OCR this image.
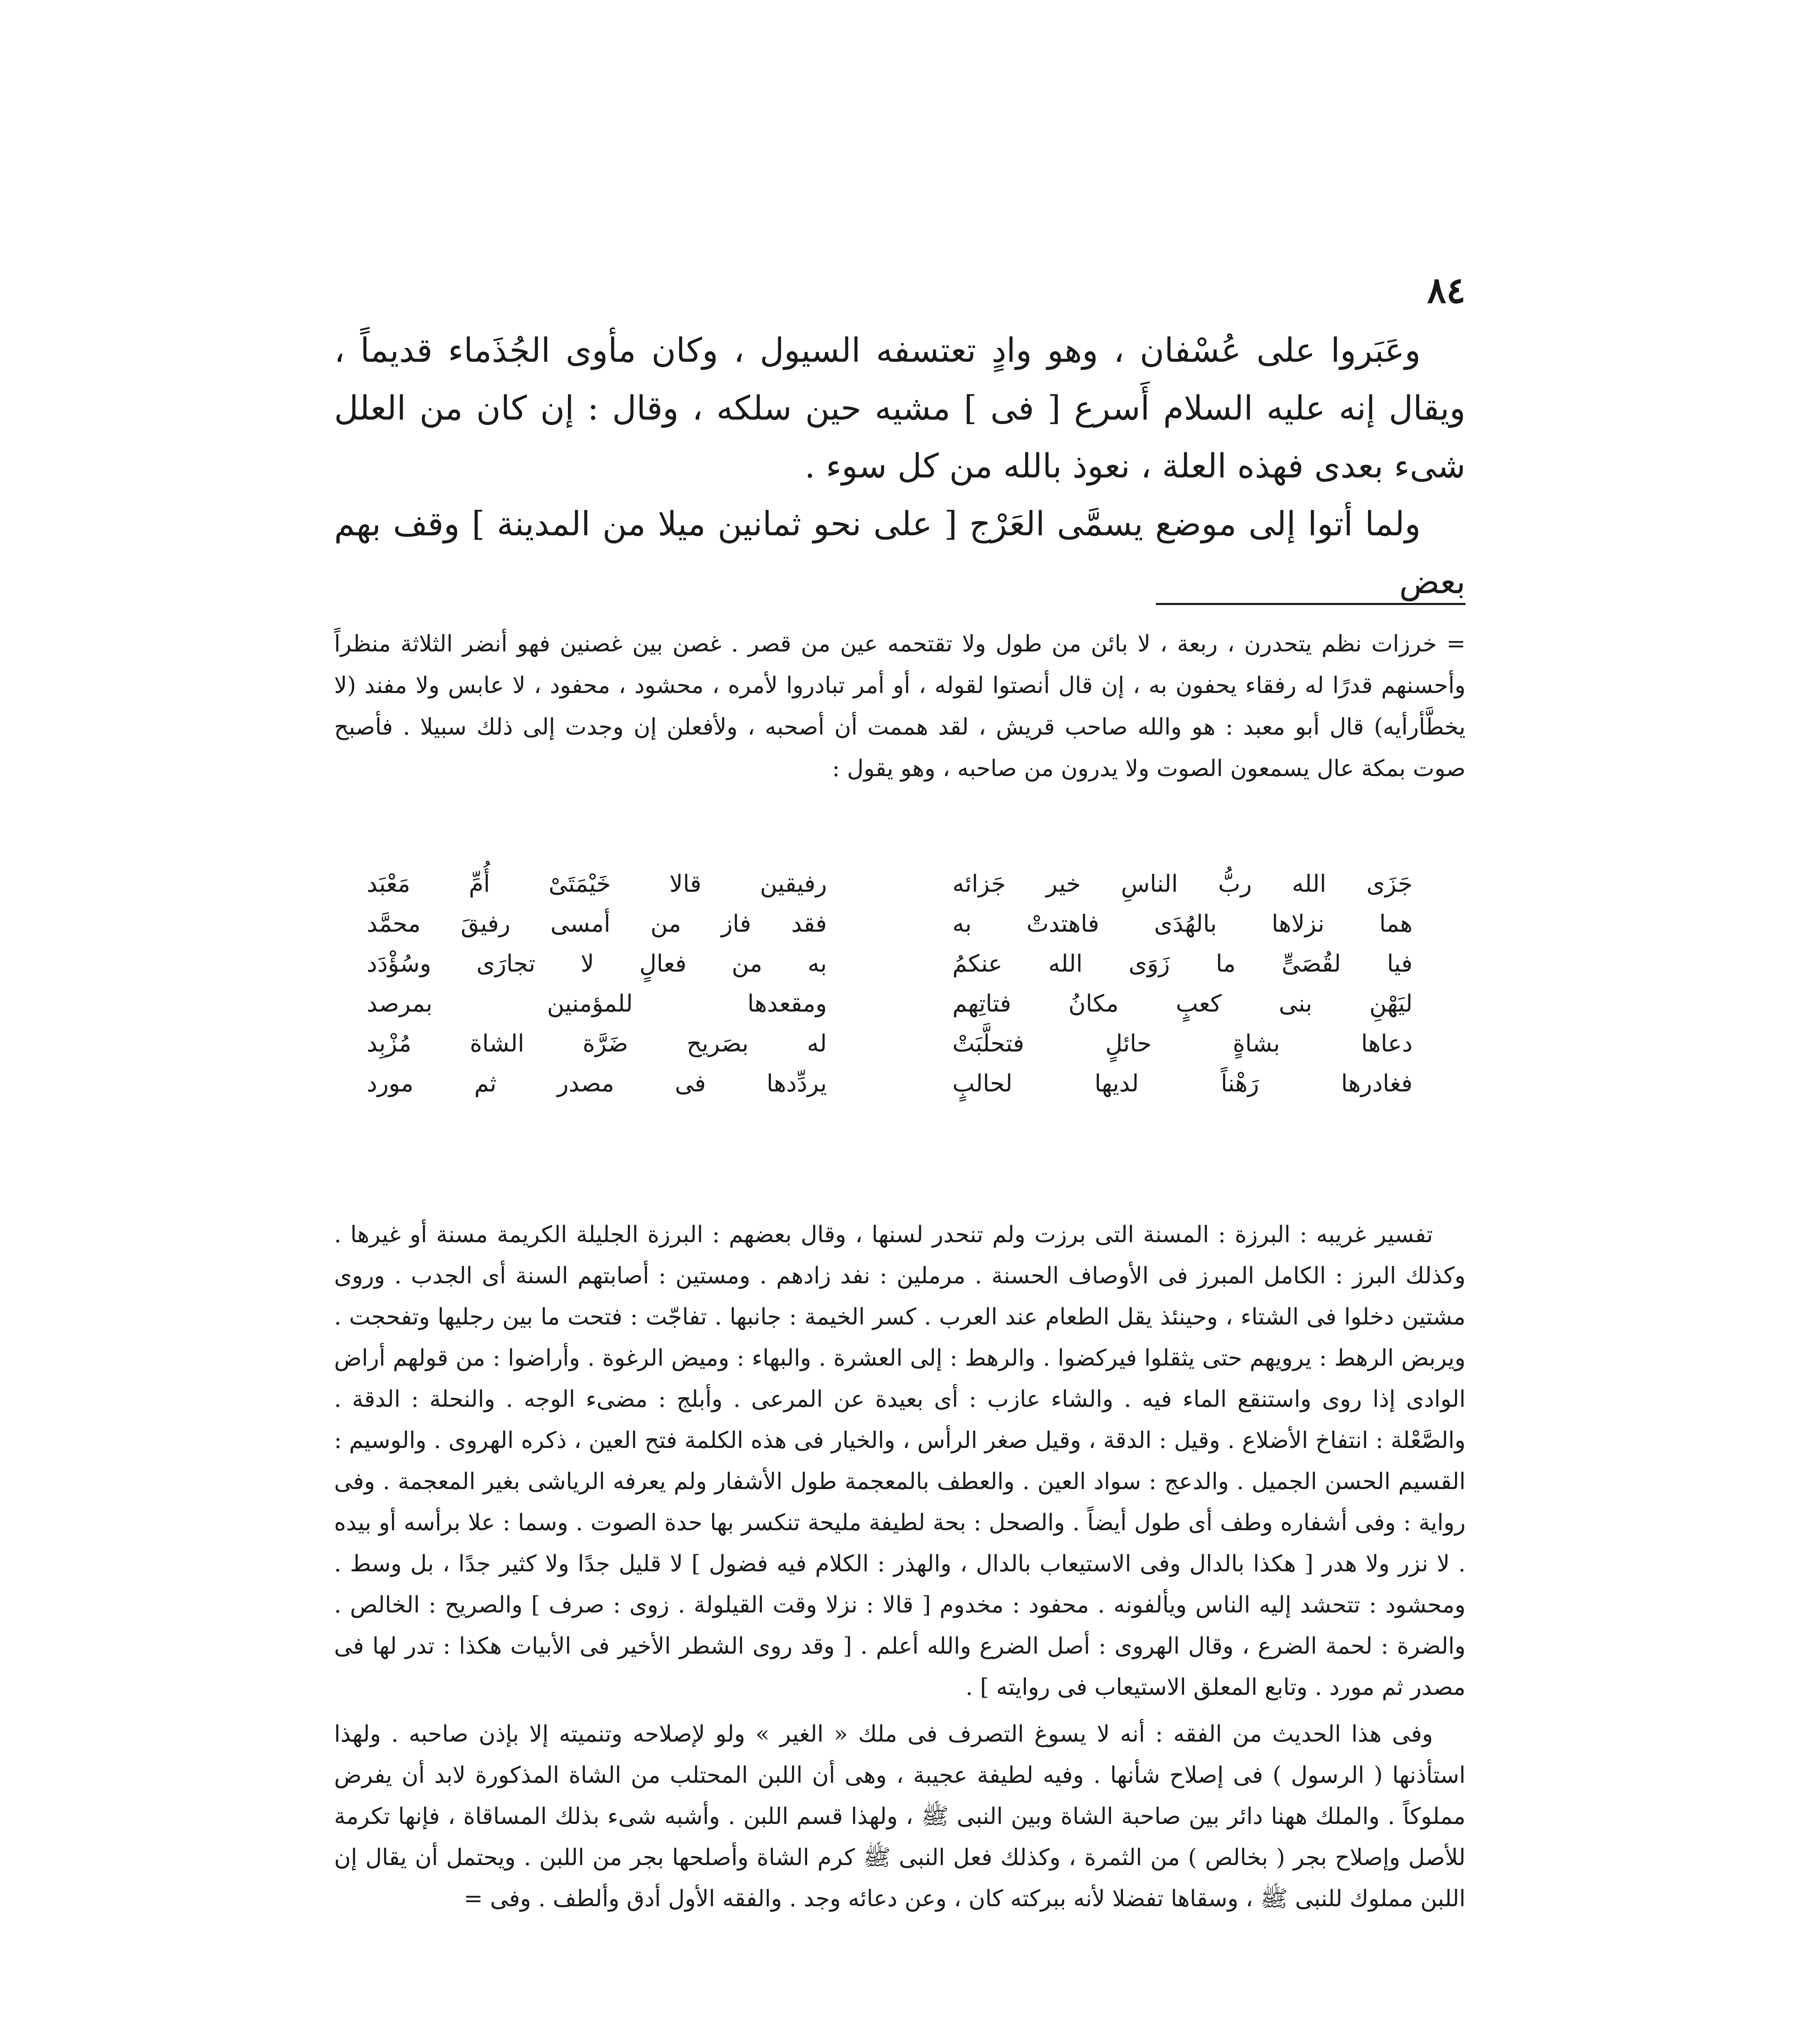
٨٤

وعَبَروا على عُسْفان ، وهو وادٍ تعتسفه السيول ، وكان مأوى الجُذَماء قديماً ، ويقال إنه عليه السلام أَسرع [ فى ] مشيه حين سلكه ، وقال : إن كان من العلل شىء بعدى فهذه العلة ، نعوذ بالله من كل سوء .

ولما أتوا إلى موضع يسمَّى العَرْج [ على نحو ثمانين ميلا من المدينة ] وقف بهم بعض

= خرزات نظم يتحدرن ، ربعة ، لا بائن من طول ولا تقتحمه عين من قصر . غصن بين غصنين فهو أنضر الثلاثة منظراً وأحسنهم قدرًا له رفقاء يحفون به ، إن قال أنصتوا لقوله ، أو أمر تبادروا لأمره ، محشود ، محفود ، لا عابس ولا مفند (لا يخطَّأرأيه) قال أبو معبد : هو والله صاحب قريش ، لقد هممت أن أصحبه ، ولأفعلن إن وجدت إلى ذلك سبيلا . فأصبح صوت بمكة عال يسمعون الصوت ولا يدرون من صاحبه ، وهو يقول :

جَزَى الله ربُّ الناسِ خير جَزائه
رفيقين قالا خَيْمَتَىْ أُمِّ مَعْبَد
هما نزلاها بالهُدَى فاهتدتْ به
فقد فاز من أمسى رفيقَ محمَّد
فيا لقُصَىٍّ ما زَوَى الله عنكمُ
به من فعالٍ لا تجارَى وسُؤْدَد
ليَهْنِ بنى كعبٍ مكانُ فتاتِهم
ومقعدها للمؤمنين بمرصد
دعاها بشاةٍ حائلٍ فتحلَّبَتْ
له بصَريح ضَرَّة الشاة مُزْبِد
فغادرها رَهْناً لديها لحالبٍ
يردِّدها فى مصدر ثم مورد

تفسير غريبه : البرزة : المسنة التى برزت ولم تنحدر لسنها ، وقال بعضهم : البرزة الجليلة الكريمة مسنة أو غيرها . وكذلك البرز : الكامل المبرز فى الأوصاف الحسنة . مرملين : نفد زادهم . ومستين : أصابتهم السنة أى الجدب . وروى مشتين دخلوا فى الشتاء ، وحينئذ يقل الطعام عند العرب . كسر الخيمة : جانبها . تفاجّت : فتحت ما بين رجليها وتفحجت . ويربض الرهط : يرويهم حتى يثقلوا فيركضوا . والرهط : إلى العشرة . والبهاء : وميض الرغوة . وأراضوا : من قولهم أراض الوادى إذا روى واستنقع الماء فيه . والشاء عازب : أى بعيدة عن المرعى . وأبلج : مضىء الوجه . والنحلة : الدقة . والصَّعْلة : انتفاخ الأضلاع . وقيل : الدقة ، وقيل صغر الرأس ، والخيار فى هذه الكلمة فتح العين ، ذكره الهروى . والوسيم : القسيم الحسن الجميل . والدعج : سواد العين . والعطف بالمعجمة طول الأشفار ولم يعرفه الرياشى بغير المعجمة . وفى رواية : وفى أشفاره وطف أى طول أيضاً . والصحل : بحة لطيفة مليحة تنكسر بها حدة الصوت . وسما : علا برأسه أو بيده . لا نزر ولا هدر [ هكذا بالدال وفى الاستيعاب بالدال ، والهذر : الكلام فيه فضول ] لا قليل جدًا ولا كثير جدًا ، بل وسط . ومحشود : تتحشد إليه الناس ويألفونه . محفود : مخدوم [ قالا : نزلا وقت القيلولة . زوى : صرف ] والصريح : الخالص . والضرة : لحمة الضرع ، وقال الهروى : أصل الضرع والله أعلم . [ وقد روى الشطر الأخير فى الأبيات هكذا : تدر لها فى مصدر ثم مورد . وتابع المعلق الاستيعاب فى روايته ] .

وفى هذا الحديث من الفقه : أنه لا يسوغ التصرف فى ملك « الغير » ولو لإصلاحه وتنميته إلا بإذن صاحبه . ولهذا استأذنها ( الرسول ) فى إصلاح شأنها . وفيه لطيفة عجيبة ، وهى أن اللبن المحتلب من الشاة المذكورة لابد أن يفرض مملوكاً . والملك ههنا دائر بين صاحبة الشاة وبين النبى ﷺ ، ولهذا قسم اللبن . وأشبه شىء بذلك المساقاة ، فإنها تكرمة للأصل وإصلاح بجر ( بخالص ) من الثمرة ، وكذلك فعل النبى ﷺ كرم الشاة وأصلحها بجر من اللبن . ويحتمل أن يقال إن اللبن مملوك للنبى ﷺ ، وسقاها تفضلا لأنه ببركته كان ، وعن دعائه وجد . والفقه الأول أدق وألطف . وفى =
